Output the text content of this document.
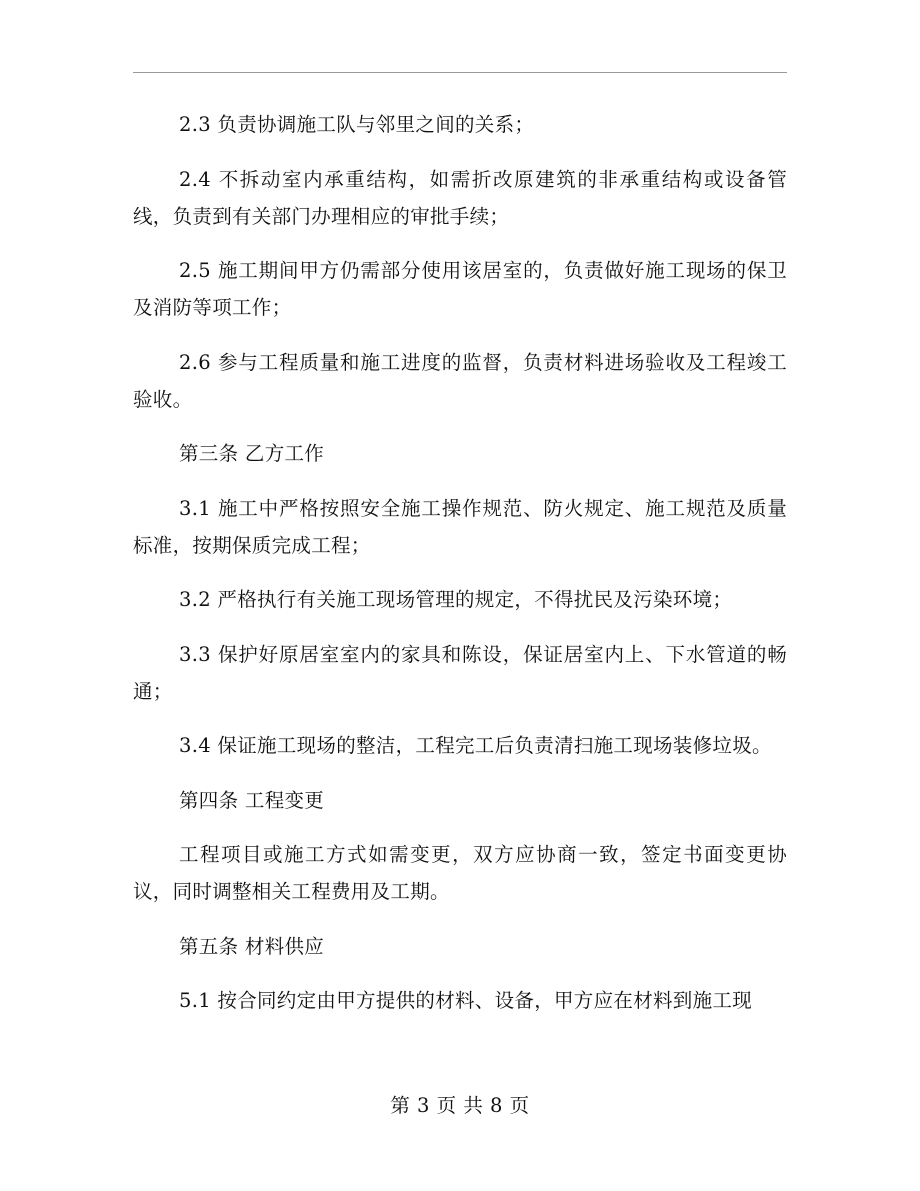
2.3 负责协调施工队与邻里之间的关系；

2.4 不拆动室内承重结构，如需折改原建筑的非承重结构或设备管线，负责到有关部门办理相应的审批手续；

2.5 施工期间甲方仍需部分使用该居室的，负责做好施工现场的保卫及消防等项工作；

2.6 参与工程质量和施工进度的监督，负责材料进场验收及工程竣工验收。

第三条 乙方工作

3.1 施工中严格按照安全施工操作规范、防火规定、施工规范及质量标准，按期保质完成工程；

3.2 严格执行有关施工现场管理的规定，不得扰民及污染环境；

3.3 保护好原居室室内的家具和陈设，保证居室内上、下水管道的畅通；

3.4 保证施工现场的整洁，工程完工后负责清扫施工现场装修垃圾。

第四条 工程变更

工程项目或施工方式如需变更，双方应协商一致，签定书面变更协议，同时调整相关工程费用及工期。

第五条 材料供应

5.1 按合同约定由甲方提供的材料、设备，甲方应在材料到施工现

第 3 页 共 8 页
